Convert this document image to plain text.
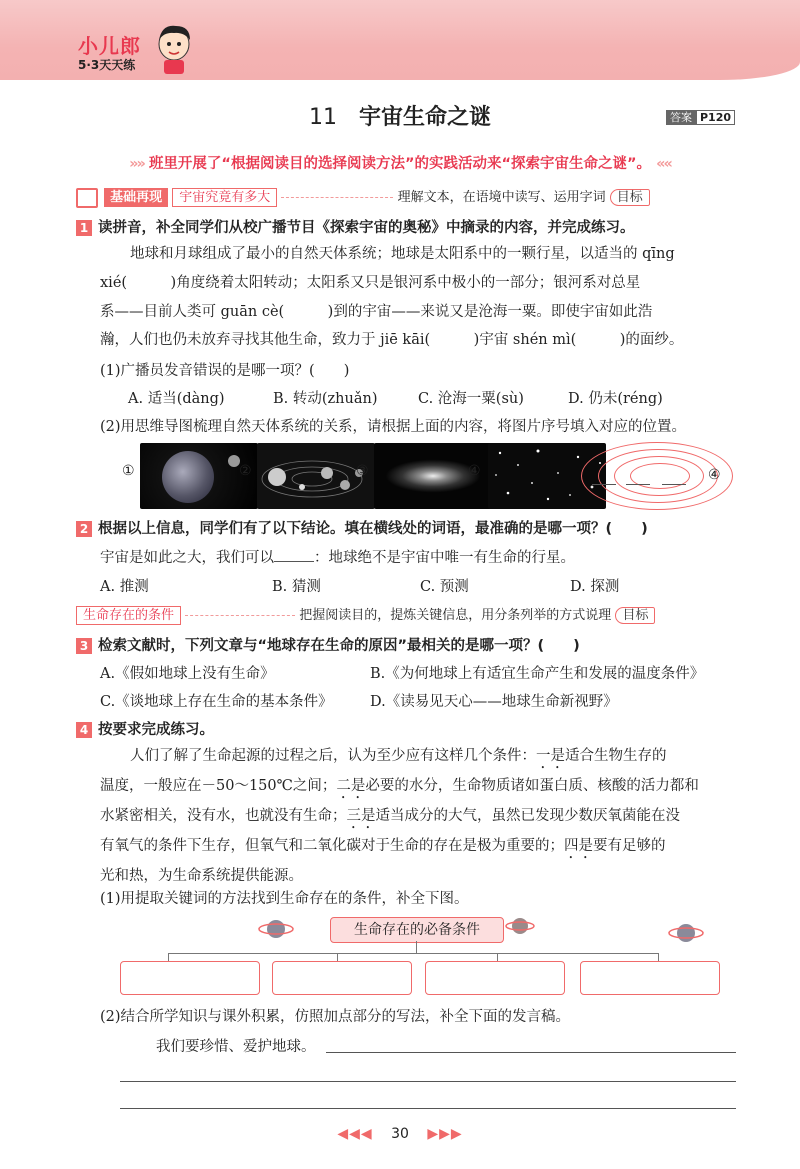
小儿郎
5·3天天练
11 宇宙生命之谜	答案 P120
»» 班里开展了“根据阅读目的选择阅读方法”的实践活动来“探索宇宙生命之谜”。 ««
基础再现 宇宙究竟有多大	理解文本，在语境中读写、运用字词 目标
1 读拼音，补全同学们从校广播节目《探索宇宙的奥秘》中摘录的内容，并完成练习。
地球和月球组成了最小的自然天体系统；地球是太阳系中的一颗行星，以适当的 qīng
xié(　　　)角度绕着太阳转动；太阳系又只是银河系中极小的一部分；银河系对总星
系——目前人类可 guān cè(　　　)到的宇宙——来说又是沧海一粟。即使宇宙如此浩
瀚，人们也仍未放弃寻找其他生命，致力于 jiē kāi(　　　)宇宙 shén mì(　　　)的面纱。
(1)广播员发音错误的是哪一项？(　　)
A. 适当(dàng)	B. 转动(zhuǎn)	C. 沧海一粟(sù)	D. 仍未(réng)
(2)用思维导图梳理自然天体系统的关系，请根据上面的内容，将图片序号填入对应的位置。
①	②	③	④	④
2 根据以上信息，同学们有了以下结论。填在横线处的词语，最准确的是哪一项？(　　)
宇宙是如此之大，我们可以	：地球绝不是宇宙中唯一有生命的行星。
A. 推测	B. 猜测	C. 预测	D. 探测
生命存在的条件	把握阅读目的，提炼关键信息，用分条列举的方式说理 目标
3 检索文献时，下列文章与“地球存在生命的原因”最相关的是哪一项？(　　)
A.《假如地球上没有生命》	B.《为何地球上有适宜生命产生和发展的温度条件》
C.《谈地球上存在生命的基本条件》	D.《读易见天心——地球生命新视野》
4 按要求完成练习。
人们了解了生命起源的过程之后，认为至少应有这样几个条件：一是适合生物生存的
温度，一般应在－50～150℃之间；二是必要的水分，生命物质诸如蛋白质、核酸的活力都和
水紧密相关，没有水，也就没有生命；三是适当成分的大气，虽然已发现少数厌氧菌能在没
有氧气的条件下生存，但氧气和二氧化碳对于生命的存在是极为重要的；四是要有足够的
光和热，为生命系统提供能源。
(1)用提取关键词的方法找到生命存在的条件，补全下图。
生命存在的必备条件
(2)结合所学知识与课外积累，仿照加点部分的写法，补全下面的发言稿。
我们要珍惜、爱护地球。
◀◀◀ 30 ▶▶▶
